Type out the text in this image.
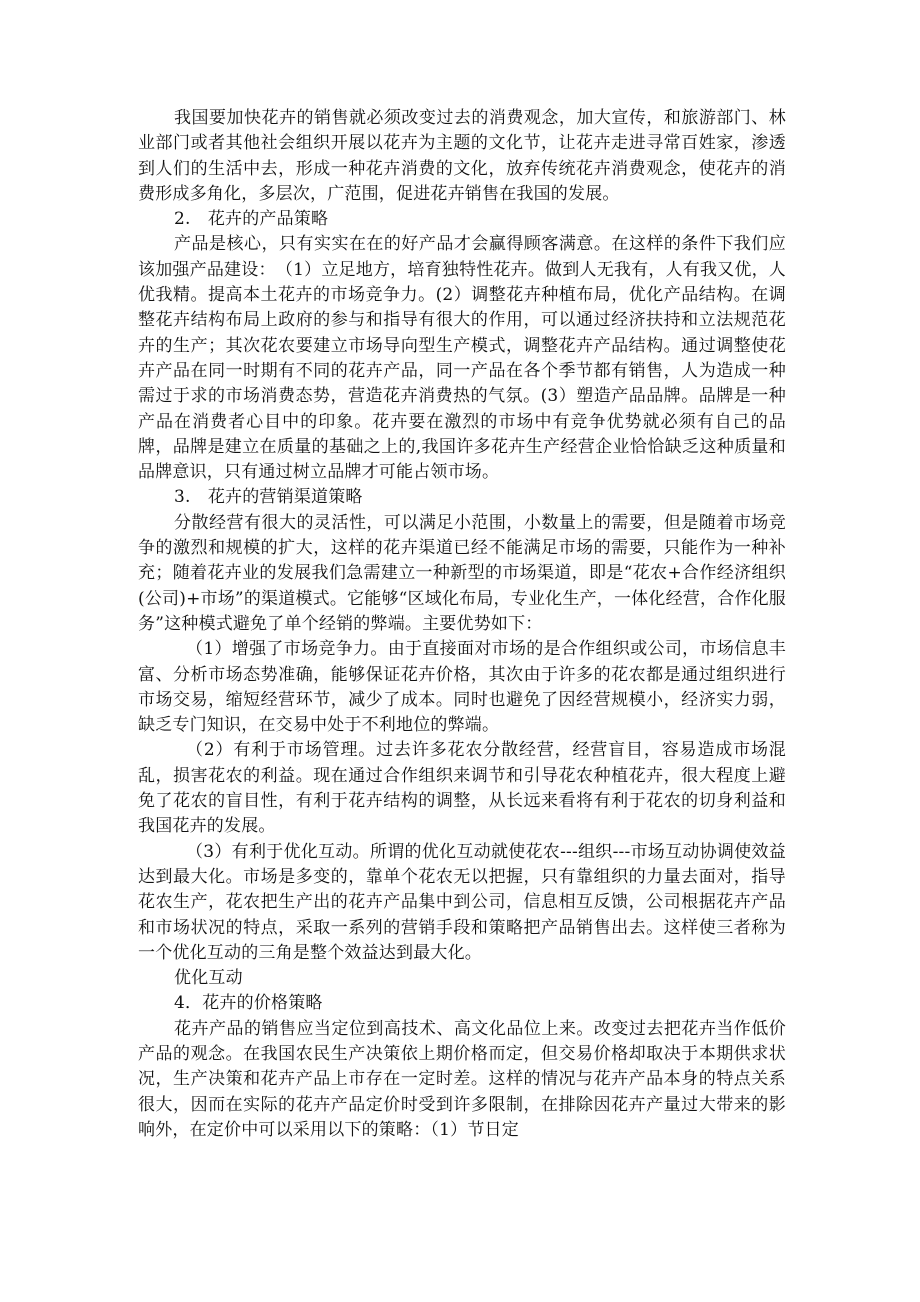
我国要加快花卉的销售就必须改变过去的消费观念，加大宣传，和旅游部门、林业部门或者其他社会组织开展以花卉为主题的文化节，让花卉走进寻常百姓家，渗透到人们的生活中去，形成一种花卉消费的文化，放弃传统花卉消费观念，使花卉的消费形成多角化，多层次，广范围，促进花卉销售在我国的发展。

2.　花卉的产品策略

产品是核心，只有实实在在的好产品才会赢得顾客满意。在这样的条件下我们应该加强产品建设：　（1）立足地方，培育独特性花卉。做到人无我有，人有我又优，人优我精。提高本土花卉的市场竞争力。(2）调整花卉种植布局，优化产品结构。在调整花卉结构布局上政府的参与和指导有很大的作用，可以通过经济扶持和立法规范花卉的生产；其次花农要建立市场导向型生产模式，调整花卉产品结构。通过调整使花卉产品在同一时期有不同的花卉产品，同一产品在各个季节都有销售，人为造成一种需过于求的市场消费态势，营造花卉消费热的气氛。(3）塑造产品品牌。品牌是一种产品在消费者心目中的印象。花卉要在激烈的市场中有竞争优势就必须有自己的品牌，品牌是建立在质量的基础之上的,我国许多花卉生产经营企业恰恰缺乏这种质量和品牌意识，只有通过树立品牌才可能占领市场。

3.　花卉的营销渠道策略

分散经营有很大的灵活性，可以满足小范围，小数量上的需要，但是随着市场竞争的激烈和规模的扩大，这样的花卉渠道已经不能满足市场的需要，只能作为一种补充；随着花卉业的发展我们急需建立一种新型的市场渠道，即是“花农+合作经济组织(公司)+市场”的渠道模式。它能够“区域化布局，专业化生产，一体化经营，合作化服务”这种模式避免了单个经销的弊端。主要优势如下：

（1）增强了市场竞争力。由于直接面对市场的是合作组织或公司，市场信息丰富、分析市场态势准确，能够保证花卉价格，其次由于许多的花农都是通过组织进行市场交易，缩短经营环节，减少了成本。同时也避免了因经营规模小，经济实力弱，缺乏专门知识，在交易中处于不利地位的弊端。

（2）有利于市场管理。过去许多花农分散经营，经营盲目，容易造成市场混乱，损害花农的利益。现在通过合作组织来调节和引导花农种植花卉，很大程度上避免了花农的盲目性，有利于花卉结构的调整，从长远来看将有利于花农的切身利益和我国花卉的发展。

（3）有利于优化互动。所谓的优化互动就使花农---组织---市场互动协调使效益达到最大化。市场是多变的，靠单个花农无以把握，只有靠组织的力量去面对，指导花农生产，花农把生产出的花卉产品集中到公司，信息相互反馈，公司根据花卉产品和市场状况的特点，采取一系列的营销手段和策略把产品销售出去。这样使三者称为一个优化互动的三角是整个效益达到最大化。

优化互动

4．花卉的价格策略

花卉产品的销售应当定位到高技术、高文化品位上来。改变过去把花卉当作低价产品的观念。在我国农民生产决策依上期价格而定，但交易价格却取决于本期供求状况，生产决策和花卉产品上市存在一定时差。这样的情况与花卉产品本身的特点关系很大，因而在实际的花卉产品定价时受到许多限制，在排除因花卉产量过大带来的影响外，在定价中可以采用以下的策略：（1）节日定
